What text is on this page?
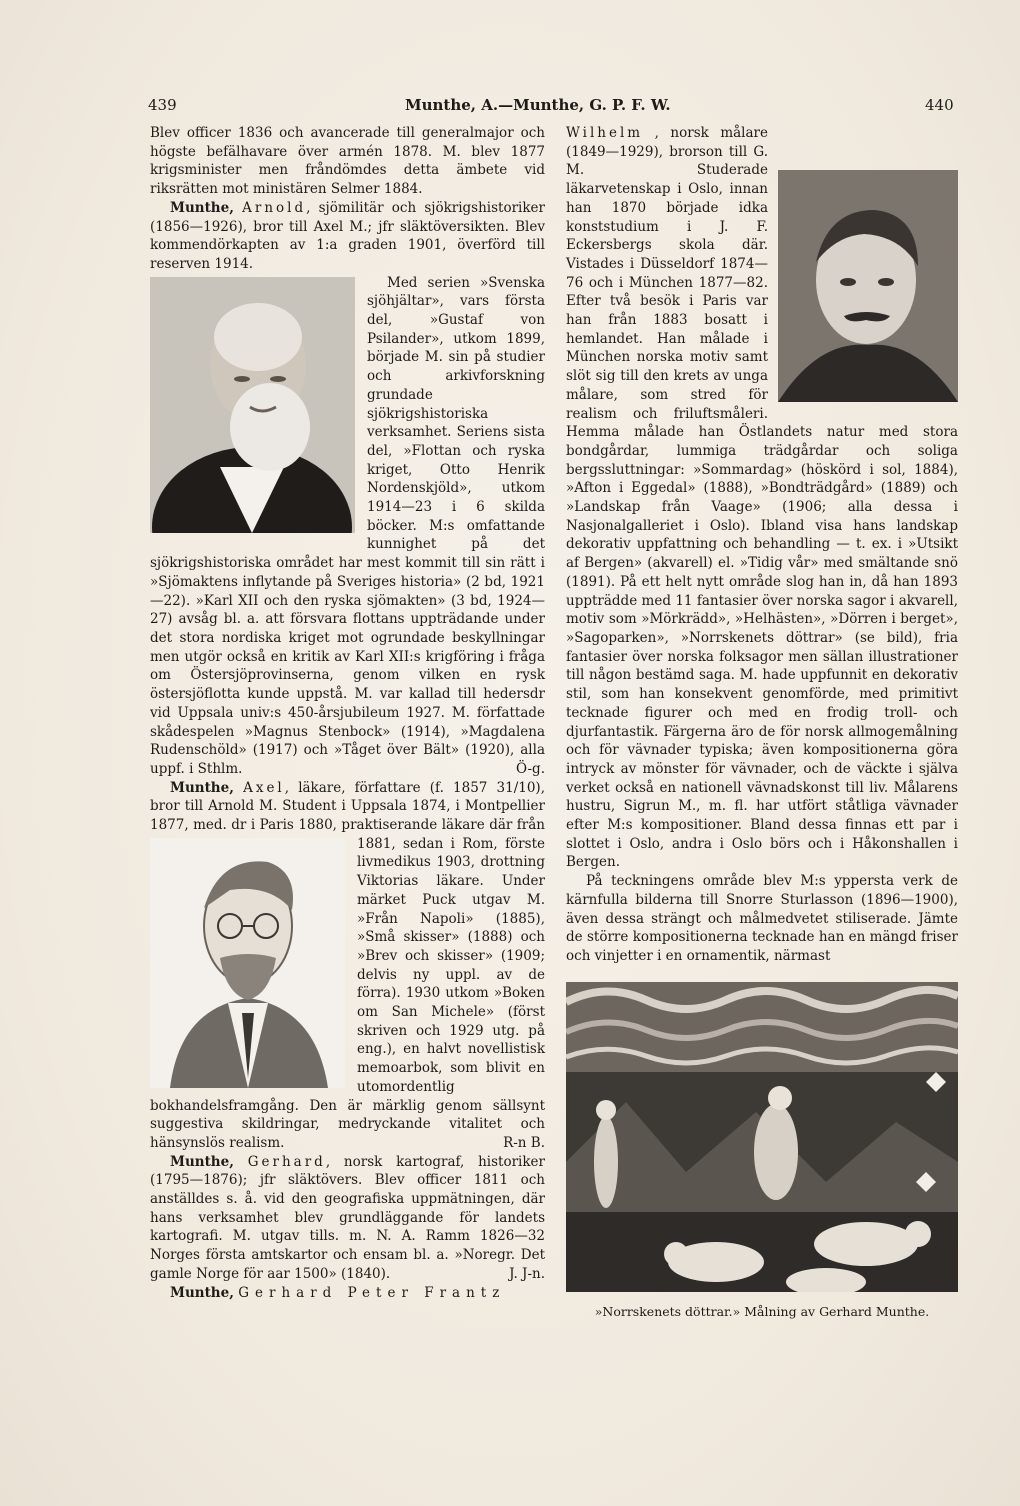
439	Munthe, A.—Munthe, G. P. F. W.	440

Blev officer 1836 och avancerade till generalmajor och högste befälhavare över armén 1878. M. blev 1877 krigsminister men fråndömdes detta ämbete vid riksrätten mot ministären Selmer 1884.

Munthe, Arnold, sjömilitär och sjökrigshistoriker (1856—1926), bror till Axel M.; jfr släktöversikten. Blev kommendörkapten av 1:a graden 1901, överförd till reserven 1914.

Med serien »Svenska sjöhjältar», vars första del, »Gustaf von Psilander», utkom 1899, började M. sin på studier och arkivforskning grundade sjökrigshistoriska verksamhet. Seriens sista del, »Flottan och ryska kriget, Otto Henrik Nordenskjöld», utkom 1914—23 i 6 skilda böcker. M:s omfattande kunnighet	på det sjökrigshistoriska området har mest kommit till sin rätt i »Sjömaktens inflytande på Sveriges historia» (2 bd, 1921—22). »Karl XII och den ryska sjömakten» (3 bd, 1924—27) avsåg bl. a. att försvara flottans uppträdande under det stora nordiska kriget mot ogrundade beskyllningar men utgör också en kritik av Karl XII:s krigföring i fråga om Östersjöprovinserna, genom vilken en rysk östersjöflotta kunde uppstå. M. var kallad till hedersdr vid Uppsala univ:s 450-årsjubileum 1927. M. författade skådespelen »Magnus Stenbock» (1914), »Magdalena Rudenschöld» (1917) och »Tåget över Bält» (1920), alla uppf. i Sthlm.	Ö-g.

Munthe, Axel, läkare, författare (f. 1857 31/10), bror till Arnold M. Student i Uppsala 1874, i Montpellier 1877, med. dr i Paris 1880, praktiserande läkare där från 1881, sedan i Rom, förste livmedikus 1903, drottning Viktorias läkare. Under märket Puck utgav M. »Från Napoli» (1885), »Små skisser» (1888) och »Brev och skisser» (1909; delvis ny uppl. av de förra). 1930 utkom »Boken om San Michele» (först skriven och 1929 utg. på eng.), en halvt novellistisk memoarbok, som blivit en utomordentlig bokhandelsframgång. Den är märklig genom sällsynt suggestiva skildringar, medryckande vitalitet och hänsynslös realism.	R-n B.

Munthe, Gerhard, norsk kartograf, historiker (1795—1876); jfr släktövers. Blev officer 1811 och anställdes s. å. vid den geografiska uppmätningen, där hans verksamhet blev grundläggande för landets kartografi. M. utgav tills. m. N. A. Ramm 1826—32 Norges första amtskartor och ensam bl. a. »Noregr. Det gamle Norge för aar 1500» (1840).	J. J-n.

Munthe, Gerhard Peter Frantz

Wilhelm , norsk målare (1849—1929), brorson till G. M. Studerade läkarvetenskap i Oslo, innan han 1870 började idka konststudium i J. F. Eckersbergs skola där. Vistades i Düsseldorf 1874—76 och i München 1877—82. Efter två besök i Paris var han från 1883 bosatt i hemlandet. Han målade i München norska motiv samt slöt sig till den krets av unga målare, som stred för realism och friluftsmåleri. Hemma målade han Östlandets natur med stora bondgårdar, lummiga trädgårdar och soliga bergssluttningar: »Sommardag» (höskörd i sol, 1884), »Afton i Eggedal» (1888), »Bondträdgård» (1889) och »Landskap från Vaage» (1906; alla dessa i Nasjonalgalleriet i Oslo). Ibland visa hans landskap dekorativ uppfattning och behandling — t. ex. i »Utsikt af Bergen» (akvarell) el. »Tidig vår» med smältande snö (1891). På ett helt nytt område slog han in, då han 1893 uppträdde med 11 fantasier över norska sagor i akvarell, motiv som »Mörkrädd», »Helhästen», »Dörren i berget», »Sagoparken», »Norrskenets döttrar» (se bild), fria fantasier över norska folksagor men sällan illustrationer till någon bestämd saga. M. hade uppfunnit en dekorativ stil, som han konsekvent genomförde, med primitivt tecknade figurer och med en frodig troll- och djurfantastik. Färgerna äro de för norsk allmogemålning och för vävnader typiska; även kompositionerna göra intryck av mönster för vävnader, och de väckte i själva verket också en nationell vävnadskonst till liv. Målarens hustru, Sigrun M., m. fl. har utfört ståtliga vävnader efter M:s kompositioner. Bland dessa finnas ett par i slottet i Oslo, andra i Oslo börs och i Håkonshallen i Bergen.

På teckningens område blev M:s yppersta verk de kärnfulla bilderna till Snorre Sturlasson (1896—1900), även dessa strängt och målmedvetet stiliserade. Jämte de större kompositionerna tecknade han en mängd friser och vinjetter i en ornamentik, närmast

»Norrskenets döttrar.» Målning av Gerhard Munthe.
